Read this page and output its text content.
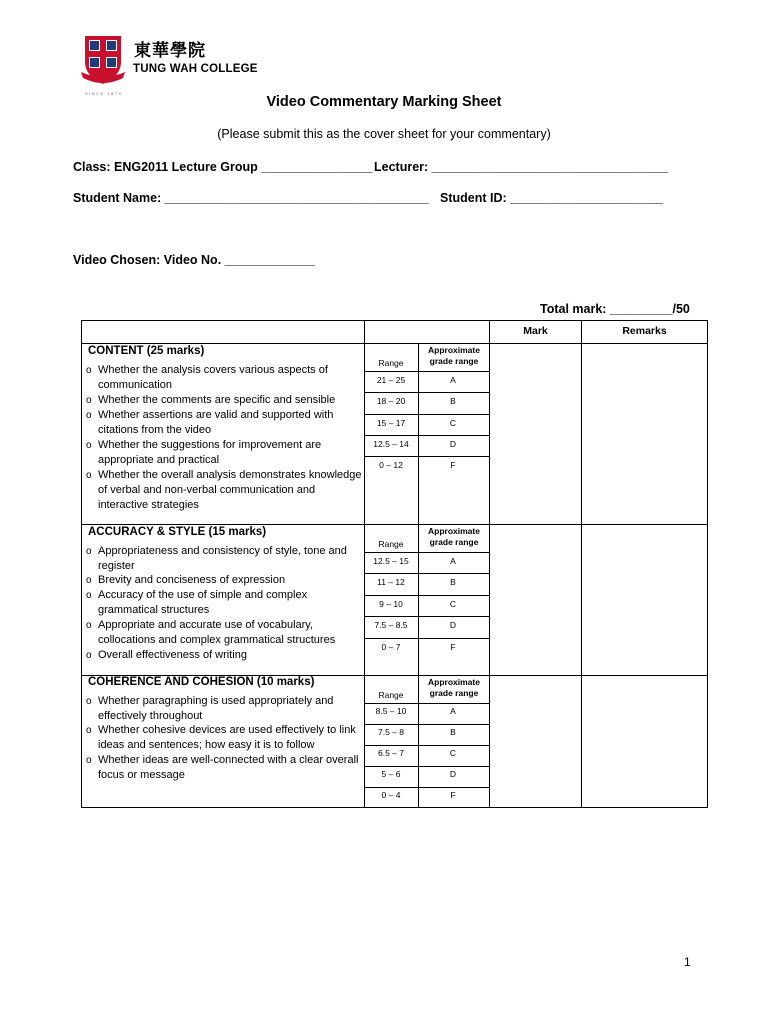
東華學院
TUNG WAH COLLEGE
SINCE 1870
Video Commentary Marking Sheet
(Please submit this as the cover sheet for your commentary)
Class: ENG2011 Lecture Group ________________ Lecturer: __________________________________
Student Name: ______________________________________ Student ID: ______________________
Video Chosen: Video No. _____________
Total mark: _________/50
Mark	Remarks
CONTENT (25 marks)
o Whether the analysis covers various aspects of communication
o Whether the comments are specific and sensible
o Whether assertions are valid and supported with citations from the video
o Whether the suggestions for improvement are appropriate and practical
o Whether the overall analysis demonstrates knowledge of verbal and non-verbal communication and interactive strategies
Range
Approximate
grade range
21 – 25
18 – 20
15 – 17
12.5 – 14
0 – 12
A
B
C
D
F
ACCURACY & STYLE (15 marks)
o Appropriateness and consistency of style, tone and register
o Brevity and conciseness of expression
o Accuracy of the use of simple and complex grammatical structures
o Appropriate and accurate use of vocabulary, collocations and complex grammatical structures
o Overall effectiveness of writing
Range
Approximate
grade range
12.5 – 15
11 – 12
9 – 10
7.5 – 8.5
0 – 7
A
B
C
D
F
COHERENCE AND COHESION (10 marks)
o Whether paragraphing is used appropriately and effectively throughout
o Whether cohesive devices are used effectively to link ideas and sentences; how easy it is to follow
o Whether ideas are well-connected with a clear overall focus or message
Range
Approximate
grade range
8.5 – 10
7.5 – 8
6.5 – 7
5 – 6
0 – 4
A
B
C
D
F
1
